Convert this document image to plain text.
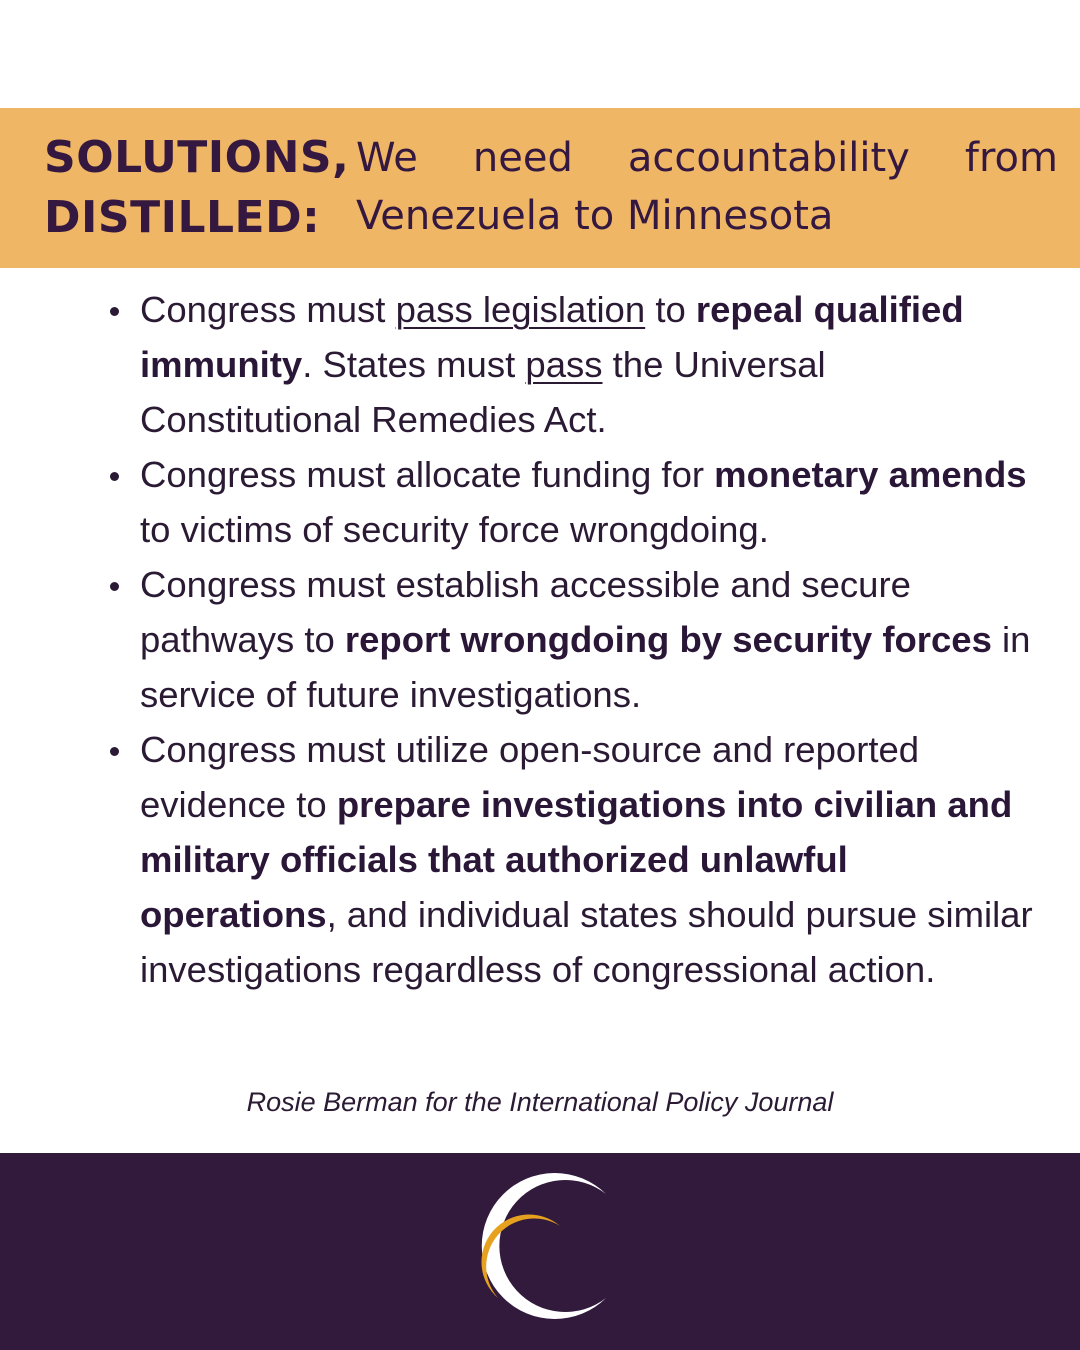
SOLUTIONS,
DISTILLED:
We need accountability from
Venezuela to Minnesota
Congress must pass legislation to repeal qualified immunity. States must pass the Universal Constitutional Remedies Act.
Congress must allocate funding for monetary amends to victims of security force wrongdoing.
Congress must establish accessible and secure pathways to report wrongdoing by security forces in service of future investigations.
Congress must utilize open-source and reported evidence to prepare investigations into civilian and military officials that authorized unlawful operations, and individual states should pursue similar investigations regardless of congressional action.
Rosie Berman for the International Policy Journal
